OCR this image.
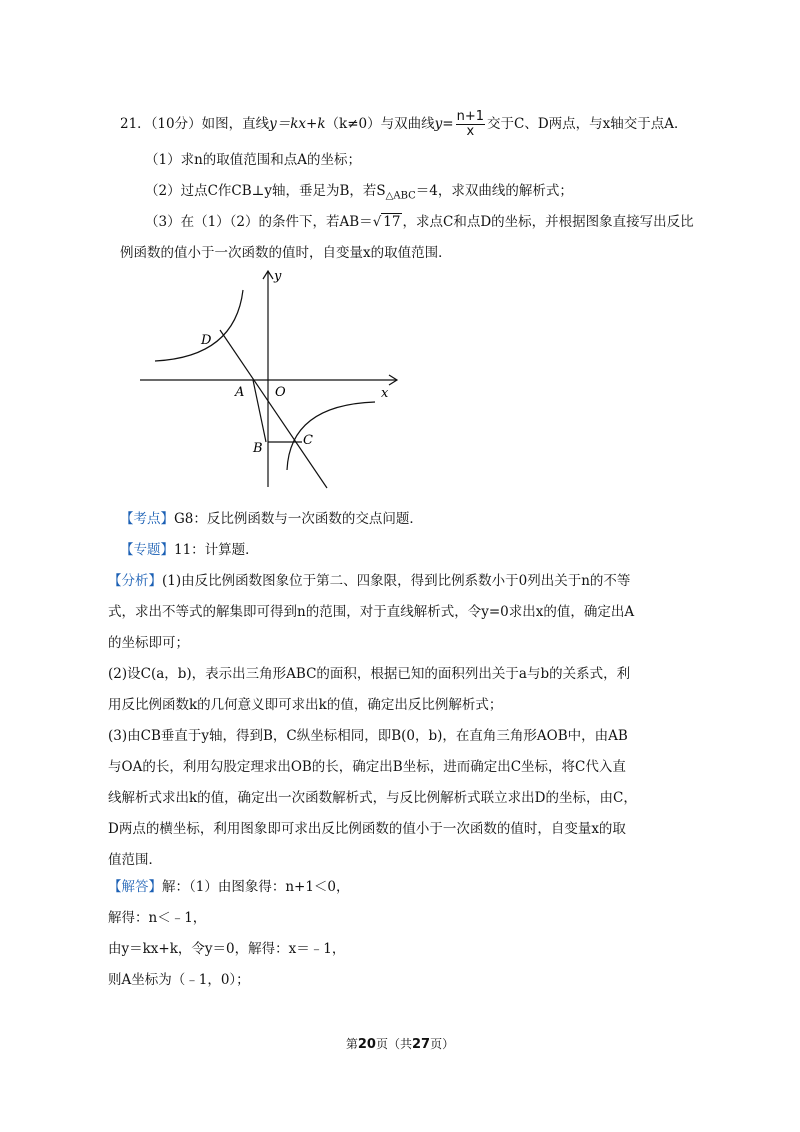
21．（10分）如图，直线y＝kx+k（k≠0）与双曲线$y= \frac{n+1}{x}$ 交于C、D两点，与x轴交于点A．
（1）求n的取值范围和点A的坐标；
（2）过点C作CB⊥y轴，垂足为B，若$S_{\triangle ABC}=4$，求双曲线的解析式；
（3）在（1）（2）的条件下，若AB＝√ 17 ，求点C和点D的坐标，并根据图象直接写出反比
例函数的值小于一次函数的值时，自变量x的取值范围．
y
x
O
A
B
C
D
【考点】G8：反比例函数与一次函数的交点问题．
【专题】11：计算题．
【分析】(1)由反比例函数图象位于第二、四象限，得到比例系数小于0列出关于n的不等
式，求出不等式的解集即可得到n的范围，对于直线解析式，令y=0求出x的值，确定出A
的坐标即可；
(2)设C(a，b)，表示出三角形ABC的面积，根据已知的面积列出关于a与b的关系式，利
用反比例函数k的几何意义即可求出k的值，确定出反比例解析式；
(3)由CB垂直于y轴，得到B，C纵坐标相同，即B(0，b)，在直角三角形AOB中，由AB
与OA的长，利用勾股定理求出OB的长，确定出B坐标，进而确定出C坐标，将C代入直
线解析式求出k的值，确定出一次函数解析式，与反比例解析式联立求出D的坐标，由C，
D两点的横坐标，利用图象即可求出反比例函数的值小于一次函数的值时，自变量x的取
值范围．
【解答】解：（1）由图象得：n+1＜0，
解得：n＜﹣1，
由y＝kx+k，令y＝0，解得：x＝﹣1，
则A坐标为（﹣1，0）；
第20页（共27页）
